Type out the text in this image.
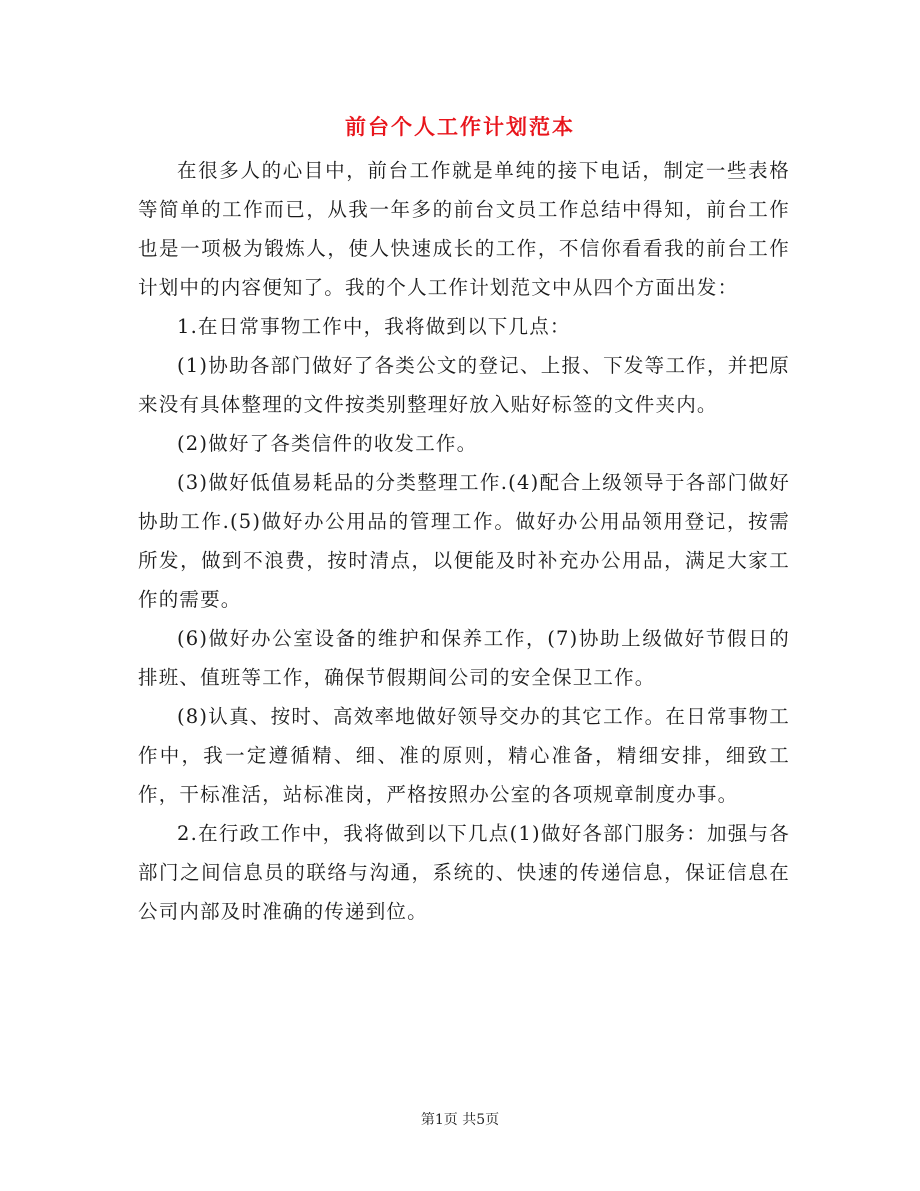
前台个人工作计划范本

在很多人的心目中，前台工作就是单纯的接下电话，制定一些表格等简单的工作而已，从我一年多的前台文员工作总结中得知，前台工作也是一项极为锻炼人，使人快速成长的工作，不信你看看我的前台工作计划中的内容便知了。我的个人工作计划范文中从四个方面出发：

1.在日常事物工作中，我将做到以下几点：

(1)协助各部门做好了各类公文的登记、上报、下发等工作，并把原来没有具体整理的文件按类别整理好放入贴好标签的文件夹内。

(2)做好了各类信件的收发工作。

(3)做好低值易耗品的分类整理工作.(4)配合上级领导于各部门做好协助工作.(5)做好办公用品的管理工作。做好办公用品领用登记，按需所发，做到不浪费，按时清点，以便能及时补充办公用品，满足大家工作的需要。

(6)做好办公室设备的维护和保养工作，(7)协助上级做好节假日的排班、值班等工作，确保节假期间公司的安全保卫工作。

(8)认真、按时、高效率地做好领导交办的其它工作。在日常事物工作中，我一定遵循精、细、准的原则，精心准备，精细安排，细致工作，干标准活，站标准岗，严格按照办公室的各项规章制度办事。

2.在行政工作中，我将做到以下几点(1)做好各部门服务：加强与各部门之间信息员的联络与沟通，系统的、快速的传递信息，保证信息在公司内部及时准确的传递到位。

第1页 共5页
